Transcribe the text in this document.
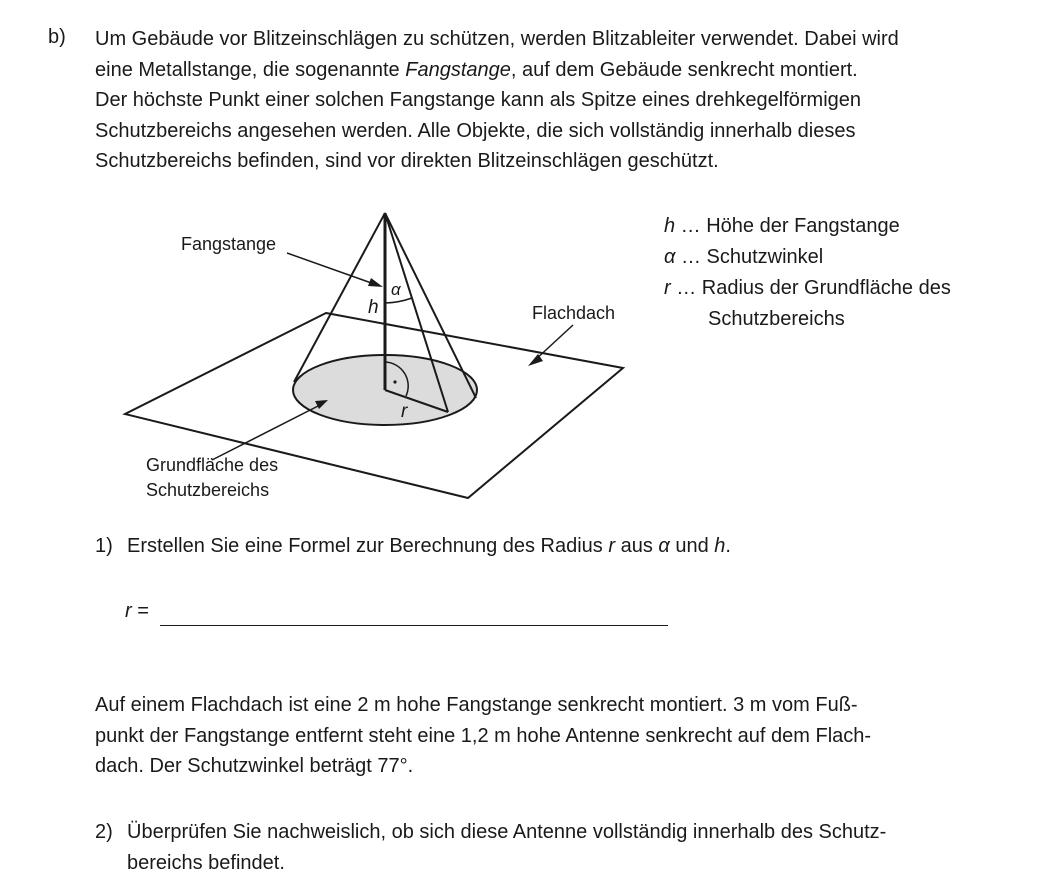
b) Um Gebäude vor Blitzeinschlägen zu schützen, werden Blitzableiter verwendet. Dabei wird
eine Metallstange, die sogenannte Fangstange, auf dem Gebäude senkrecht montiert.
Der höchste Punkt einer solchen Fangstange kann als Spitze eines drehkegelförmigen
Schutzbereichs angesehen werden. Alle Objekte, die sich vollständig innerhalb dieses
Schutzbereichs befinden, sind vor direkten Blitzeinschlägen geschützt.
Fangstange
Flachdach
Grundfläche des
Schutzbereichs
h
α
r
h … Höhe der Fangstange
α … Schutzwinkel
r … Radius der Grundfläche des
Schutzbereichs
1) Erstellen Sie eine Formel zur Berechnung des Radius r aus α und h.
r =
Auf einem Flachdach ist eine 2 m hohe Fangstange senkrecht montiert. 3 m vom Fuß-
punkt der Fangstange entfernt steht eine 1,2 m hohe Antenne senkrecht auf dem Flach-
dach. Der Schutzwinkel beträgt 77°.
2) Überprüfen Sie nachweislich, ob sich diese Antenne vollständig innerhalb des Schutz-
bereichs befindet.
